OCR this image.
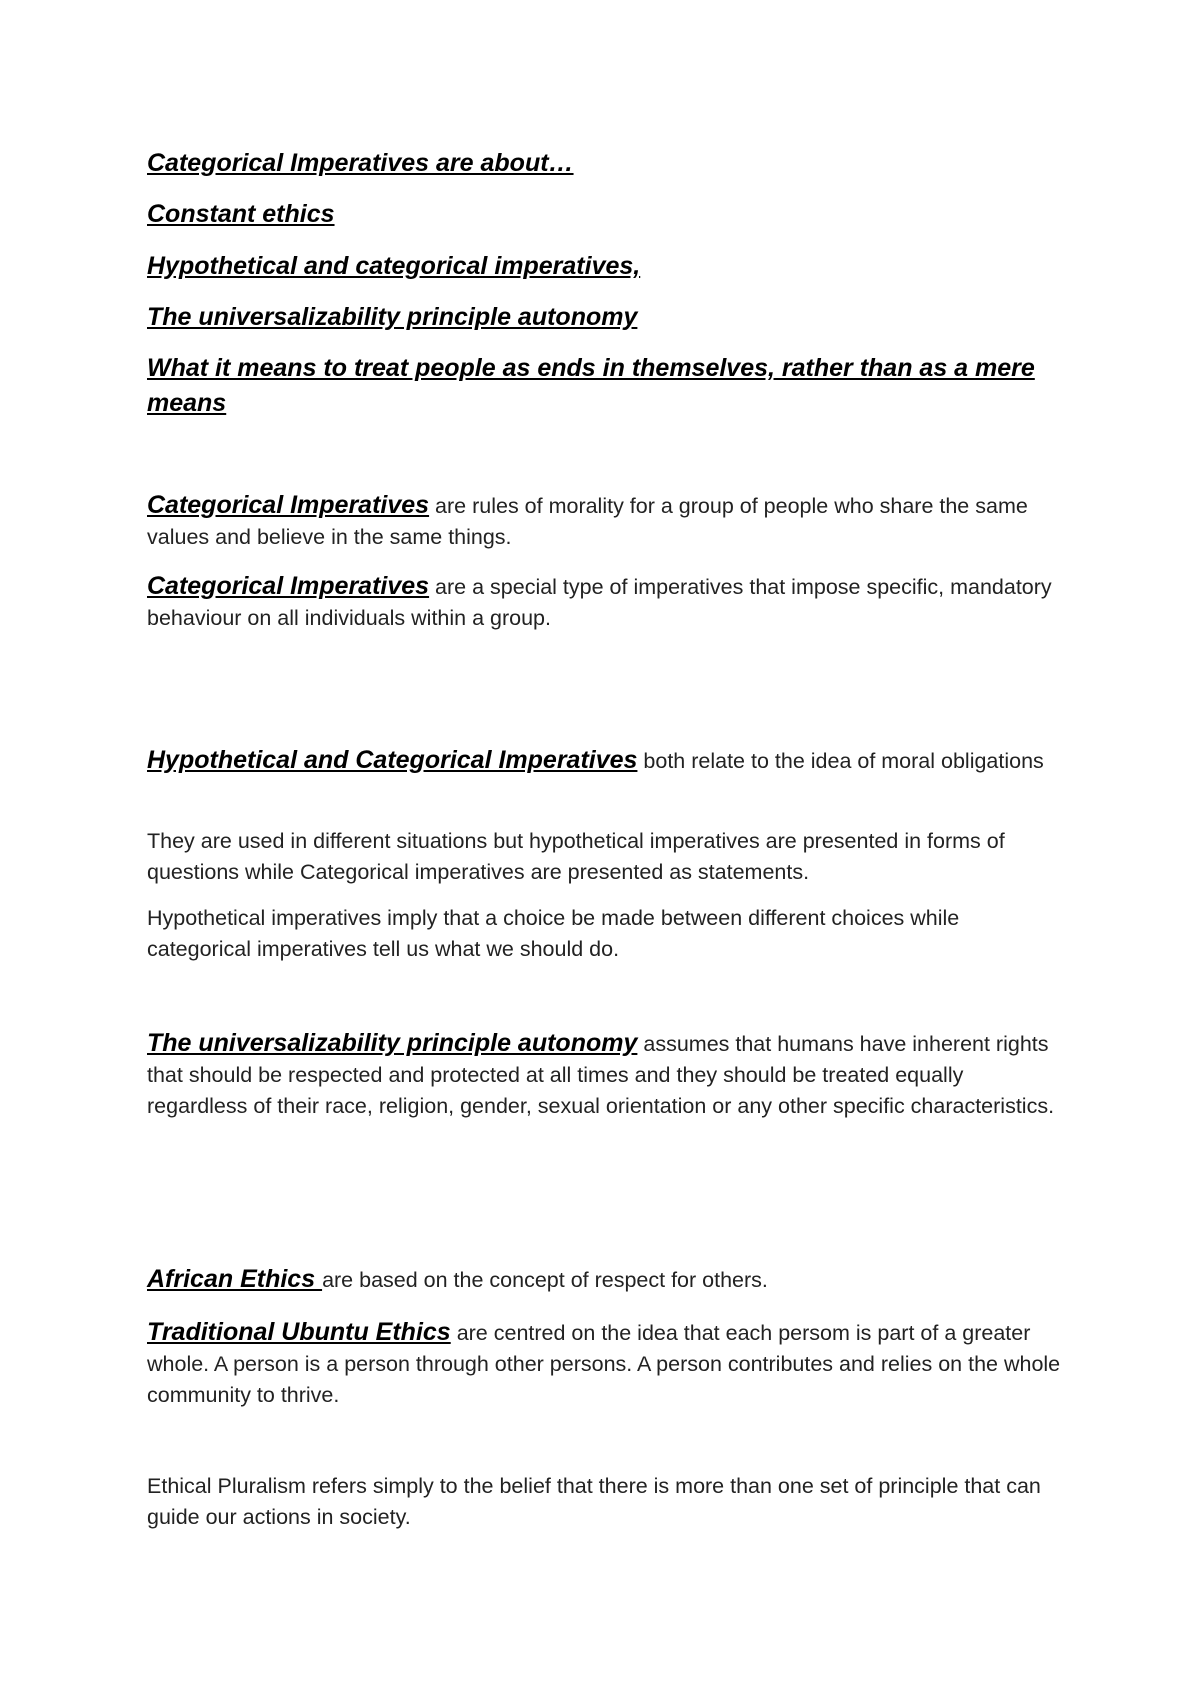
Categorical Imperatives are about…
Constant ethics
Hypothetical and categorical imperatives,
The universalizability principle autonomy
What it means to treat people as ends in themselves, rather than as a mere means
Categorical Imperatives are rules of morality for a group of people who share the same values and believe in the same things.
Categorical Imperatives are a special type of imperatives that impose specific, mandatory behaviour on all individuals within a group.
Hypothetical and Categorical Imperatives both relate to the idea of moral obligations
They are used in different situations but hypothetical imperatives are presented in forms of questions while Categorical imperatives are presented as statements.
Hypothetical imperatives imply that a choice be made between different choices while categorical imperatives tell us what we should do.
The universalizability principle autonomy assumes that humans have inherent rights that should be respected and protected at all times and they should be treated equally regardless of their race, religion, gender, sexual orientation or any other specific characteristics.
African Ethics are based on the concept of respect for others.
Traditional Ubuntu Ethics are centred on the idea that each persom is part of a greater whole. A person is a person through other persons. A person contributes and relies on the whole community to thrive.
Ethical Pluralism refers simply to the belief that there is more than one set of principle that can guide our actions in society.
